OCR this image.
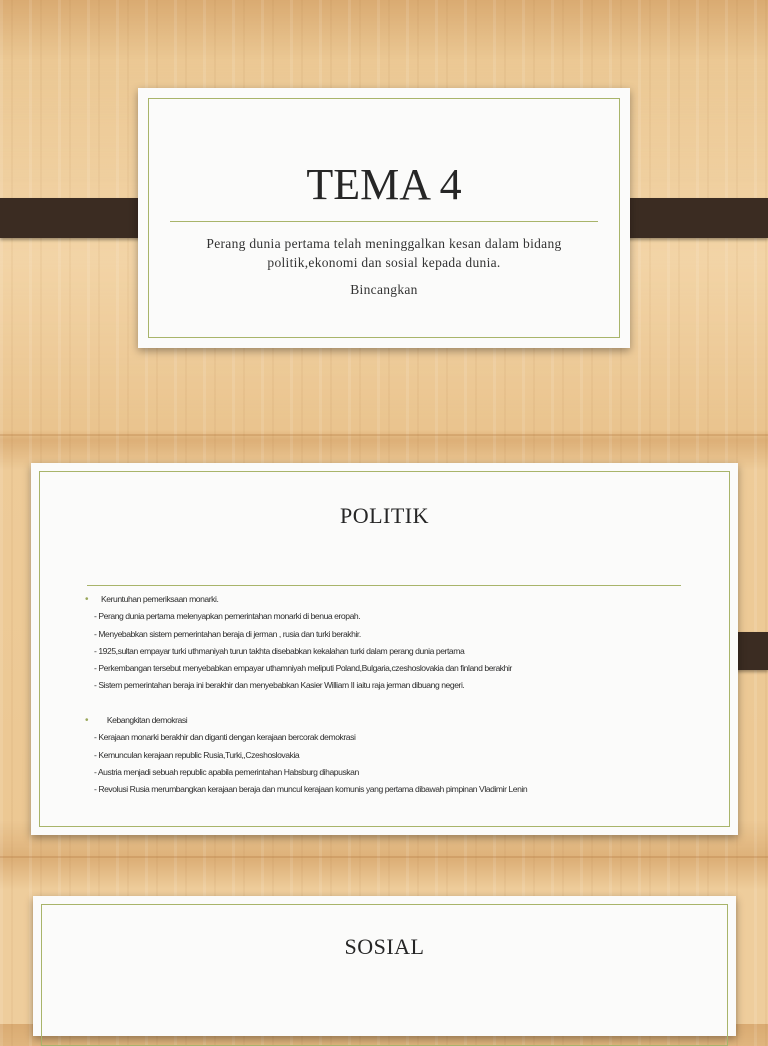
TEMA 4
Perang dunia pertama telah meninggalkan kesan dalam bidang
politik,ekonomi dan sosial kepada dunia.
Bincangkan
POLITIK
• Keruntuhan pemeriksaan monarki.
- Perang dunia pertama melenyapkan pemerintahan monarki di benua eropah.
- Menyebabkan sistem pemerintahan beraja di jerman , rusia dan turki berakhir.
- 1925,sultan empayar turki uthmaniyah turun takhta disebabkan kekalahan turki dalam perang dunia pertama
- Perkembangan tersebut menyebabkan empayar uthamniyah meliputi Poland,Bulgaria,czeshoslovakia dan finland berakhir
- Sistem pemerintahan beraja ini berakhir dan menyebabkan Kasier William II iaitu raja jerman dibuang negeri.

•   Kebangkitan demokrasi
- Kerajaan monarki berakhir dan diganti dengan kerajaan bercorak demokrasi
- Kemunculan kerajaan republic Rusia,Turki,,Czeshoslovakia
- Austria menjadi sebuah republic apabila pemerintahan Habsburg dihapuskan
- Revolusi Rusia merumbangkan kerajaan beraja dan muncul kerajaan komunis yang pertama dibawah pimpinan Vladimir Lenin
SOSIAL
